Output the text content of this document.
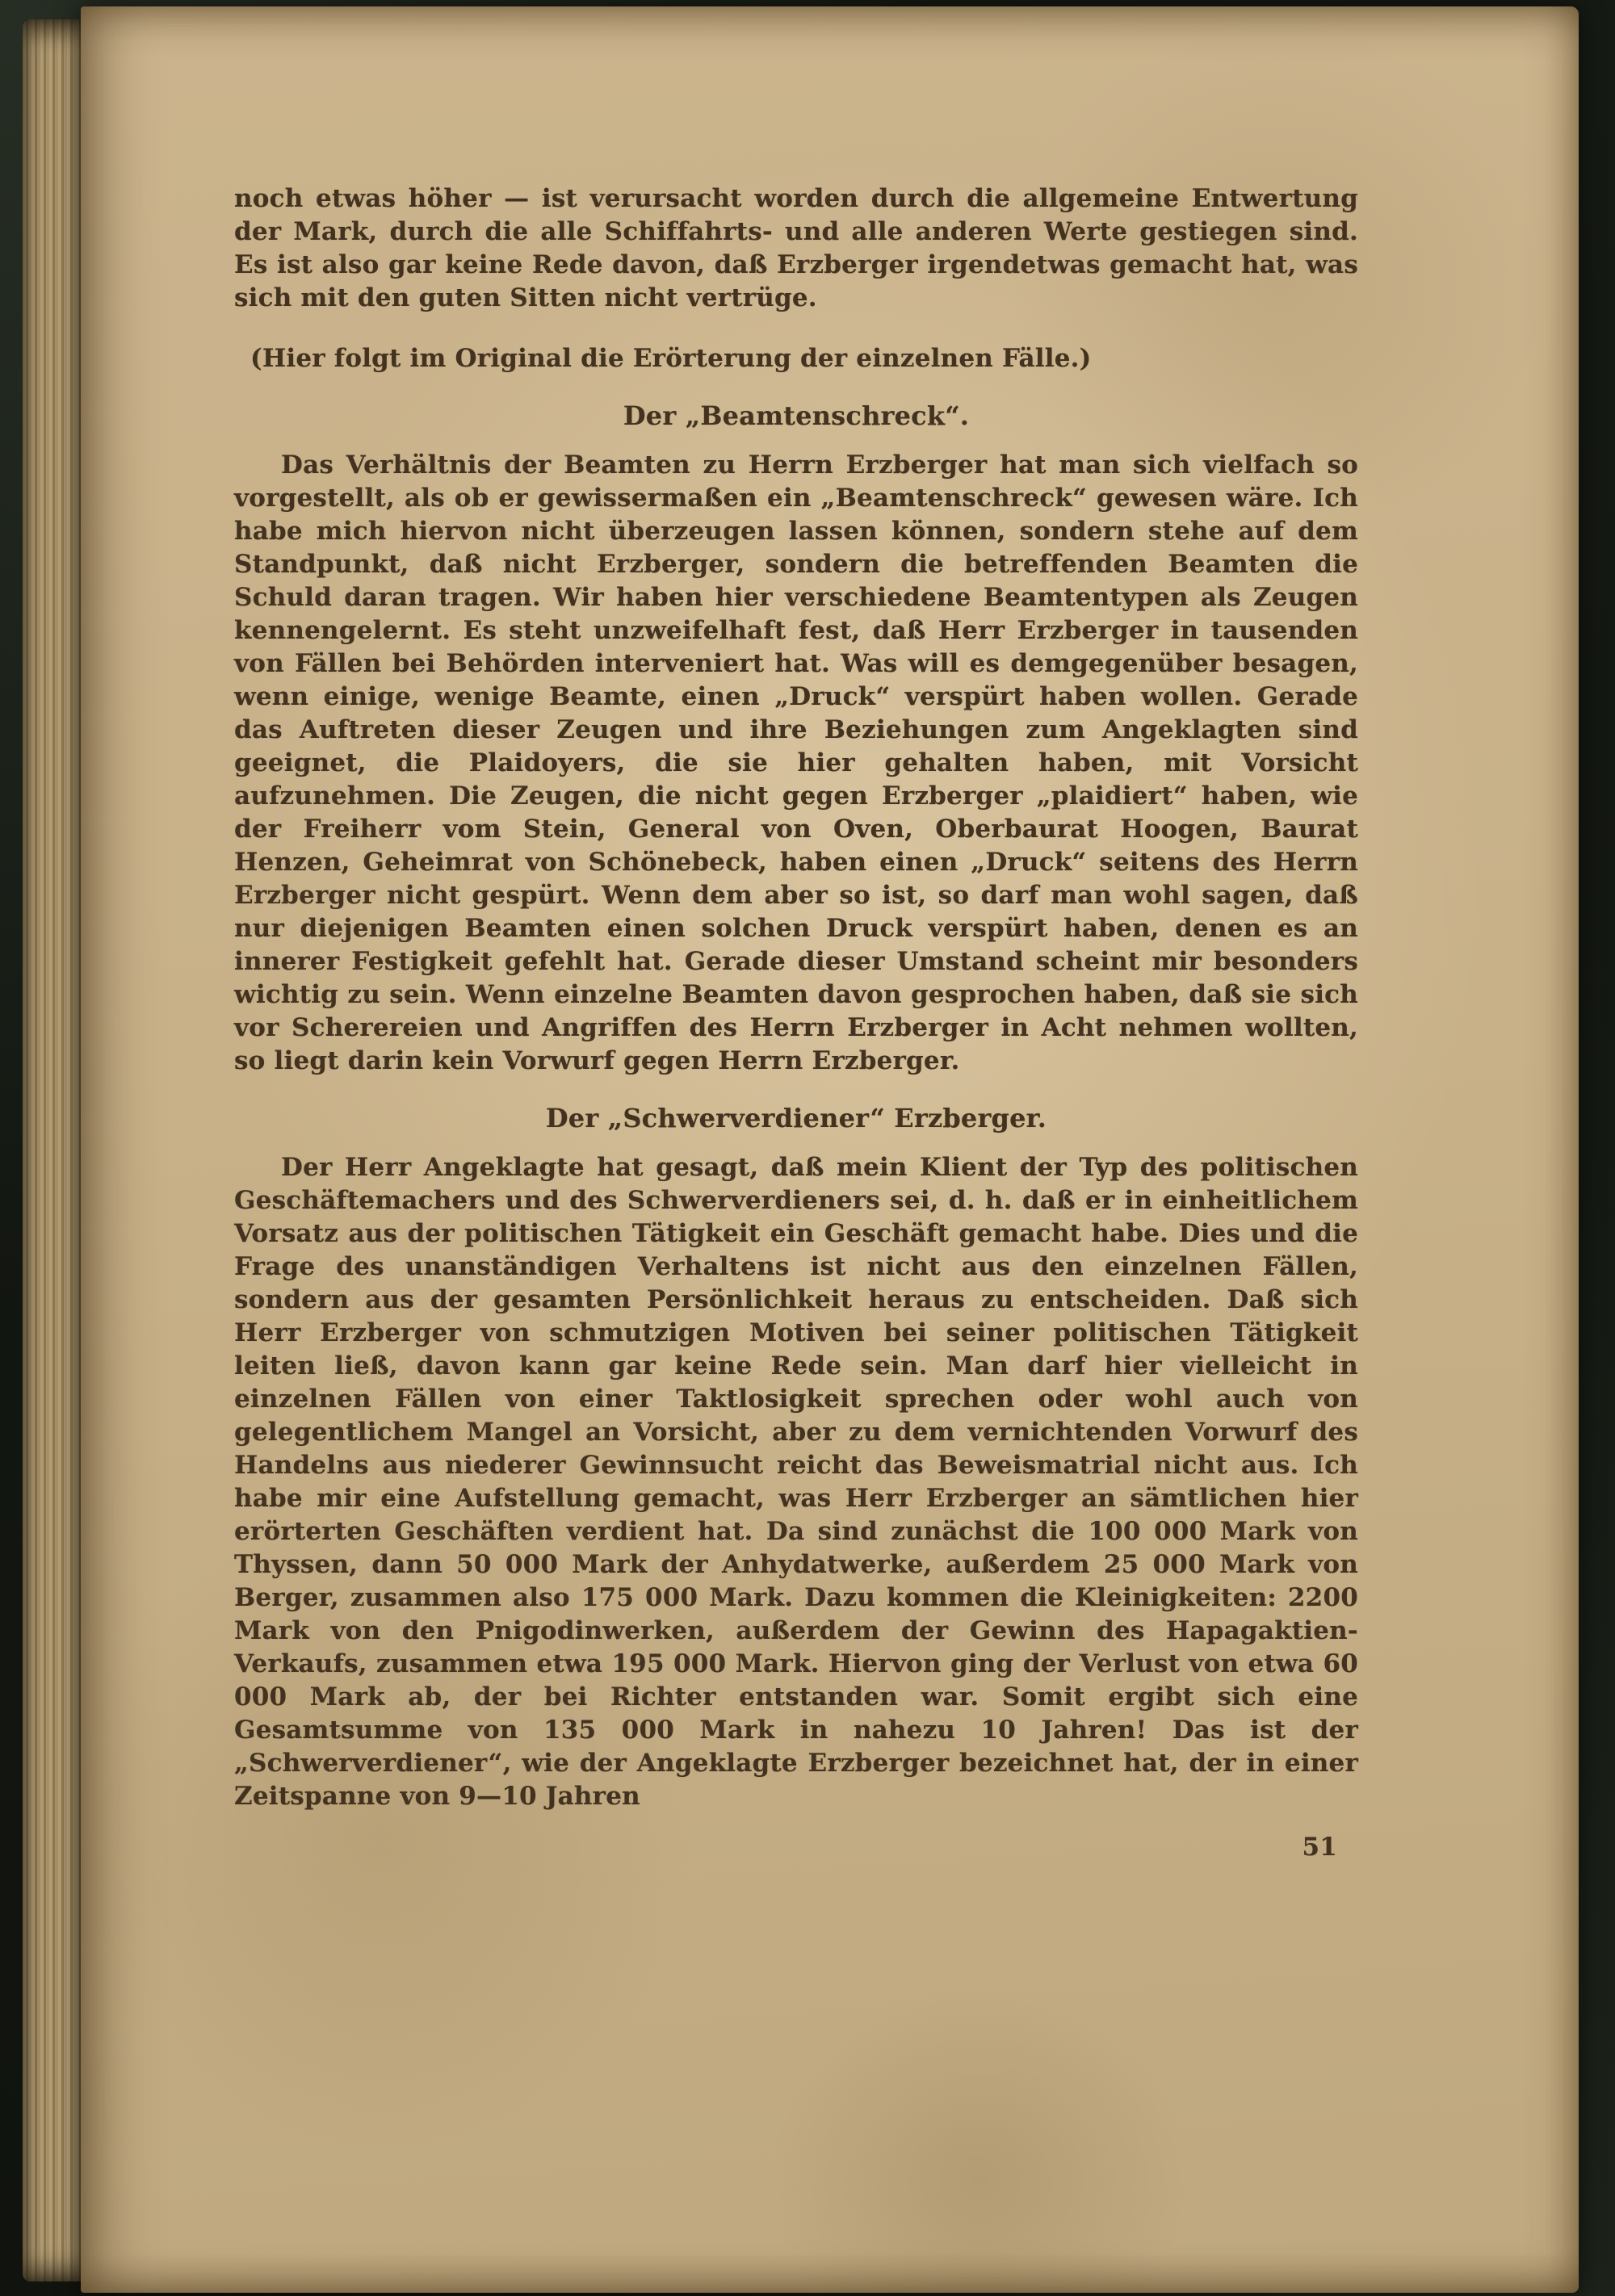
noch etwas höher — ist verursacht worden durch die allgemeine Entwertung der Mark, durch die alle Schiffahrts- und alle anderen Werte gestiegen sind. Es ist also gar keine Rede davon, daß Erzberger irgendetwas gemacht hat, was sich mit den guten Sitten nicht vertrüge.

(Hier folgt im Original die Erörterung der einzelnen Fälle.)

Der „Beamtenschreck“.

Das Verhältnis der Beamten zu Herrn Erzberger hat man sich vielfach so vorgestellt, als ob er gewissermaßen ein „Beamtenschreck“ gewesen wäre. Ich habe mich hiervon nicht überzeugen lassen können, sondern stehe auf dem Standpunkt, daß nicht Erzberger, sondern die betreffenden Beamten die Schuld daran tragen. Wir haben hier verschiedene Beamtentypen als Zeugen kennengelernt. Es steht unzweifelhaft fest, daß Herr Erzberger in tausenden von Fällen bei Behörden interveniert hat. Was will es demgegenüber besagen, wenn einige, wenige Beamte, einen „Druck“ verspürt haben wollen. Gerade das Auftreten dieser Zeugen und ihre Beziehungen zum Angeklagten sind geeignet, die Plaidoyers, die sie hier gehalten haben, mit Vorsicht aufzunehmen. Die Zeugen, die nicht gegen Erzberger „plaidiert“ haben, wie der Freiherr vom Stein, General von Oven, Oberbaurat Hoogen, Baurat Henzen, Geheimrat von Schönebeck, haben einen „Druck“ seitens des Herrn Erzberger nicht gespürt. Wenn dem aber so ist, so darf man wohl sagen, daß nur diejenigen Beamten einen solchen Druck verspürt haben, denen es an innerer Festigkeit gefehlt hat. Gerade dieser Umstand scheint mir besonders wichtig zu sein. Wenn einzelne Beamten davon gesprochen haben, daß sie sich vor Scherereien und Angriffen des Herrn Erzberger in Acht nehmen wollten, so liegt darin kein Vorwurf gegen Herrn Erzberger.

Der „Schwerverdiener“ Erzberger.

Der Herr Angeklagte hat gesagt, daß mein Klient der Typ des politischen Geschäftemachers und des Schwerverdieners sei, d. h. daß er in einheitlichem Vorsatz aus der politischen Tätigkeit ein Geschäft gemacht habe. Dies und die Frage des unanständigen Verhaltens ist nicht aus den einzelnen Fällen, sondern aus der gesamten Persönlichkeit heraus zu entscheiden. Daß sich Herr Erzberger von schmutzigen Motiven bei seiner politischen Tätigkeit leiten ließ, davon kann gar keine Rede sein. Man darf hier vielleicht in einzelnen Fällen von einer Taktlosigkeit sprechen oder wohl auch von gelegentlichem Mangel an Vorsicht, aber zu dem vernichtenden Vorwurf des Handelns aus niederer Gewinnsucht reicht das Beweismatrial nicht aus. Ich habe mir eine Aufstellung gemacht, was Herr Erzberger an sämtlichen hier erörterten Geschäften verdient hat. Da sind zunächst die 100 000 Mark von Thyssen, dann 50 000 Mark der Anhydatwerke, außerdem 25 000 Mark von Berger, zusammen also 175 000 Mark. Dazu kommen die Kleinigkeiten: 2200 Mark von den Pnigodinwerken, außerdem der Gewinn des Hapagaktien-Verkaufs, zusammen etwa 195 000 Mark. Hiervon ging der Verlust von etwa 60 000 Mark ab, der bei Richter entstanden war. Somit ergibt sich eine Gesamtsumme von 135 000 Mark in nahezu 10 Jahren! Das ist der „Schwerverdiener“, wie der Angeklagte Erzberger bezeichnet hat, der in einer Zeitspanne von 9—10 Jahren

51
